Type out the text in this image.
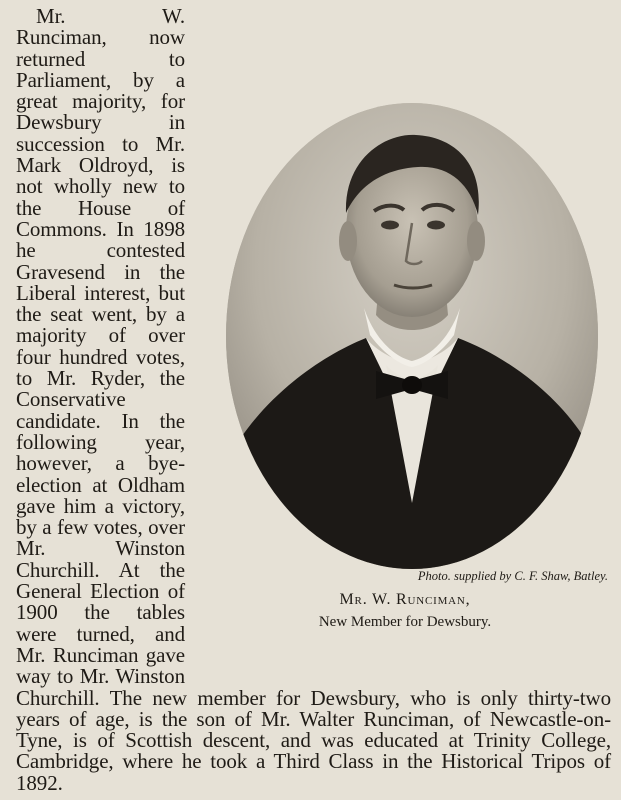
Mr. W. Runciman, now returned to Parliament, by a great majority, for Dewsbury in succession to Mr. Mark Oldroyd, is not wholly new to the House of Commons. In 1898 he contested Gravesend in the Liberal interest, but the seat went, by a majority of over four hundred votes, to Mr. Ryder, the Conservative candidate. In the following year, however, a bye-election at Oldham gave him a victory, by a few votes, over Mr. Winston Churchill. At the General Election of 1900 the tables were turned, and Mr. Runciman gave way to Mr. Winston Churchill. The new member for Dewsbury, who is only thirty-two years of age, is the son of Mr. Walter Runciman, of Newcastle-on-Tyne, is of Scottish descent, and was educated at Trinity College, Cambridge, where he took a Third Class in the Historical Tripos of 1892.
Photo. supplied by C. F. Shaw, Batley.
Mr. W. Runciman,
New Member for Dewsbury.
